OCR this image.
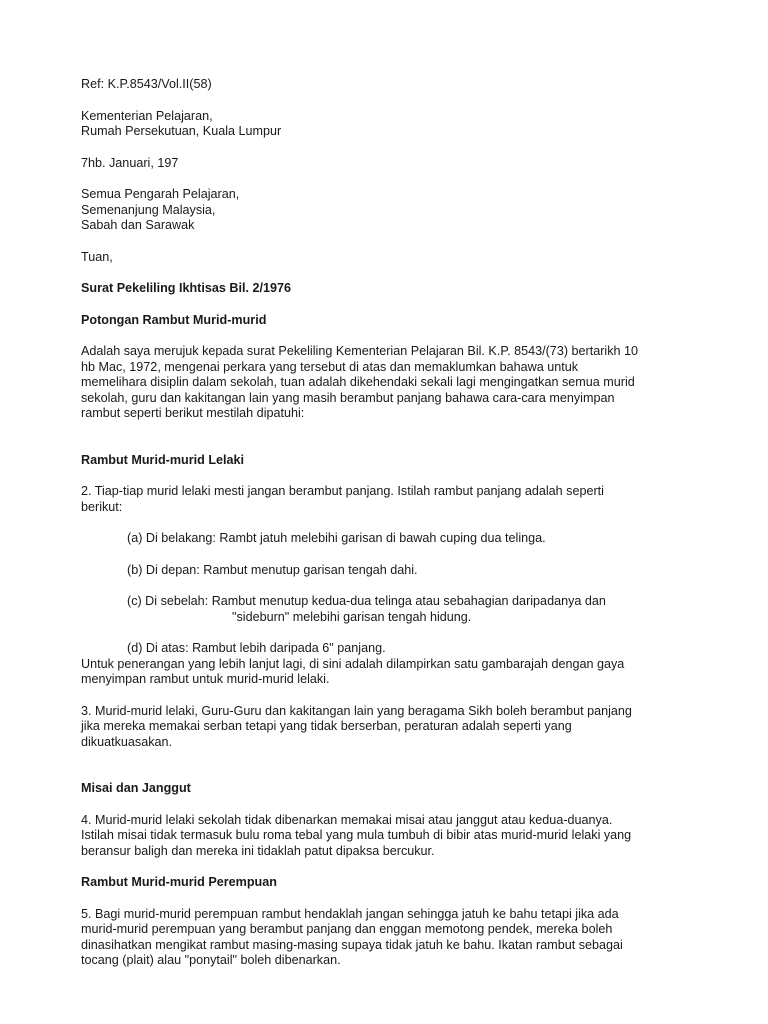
Ref: K.P.8543/Vol.II(58)
Kementerian Pelajaran,
Rumah Persekutuan, Kuala Lumpur
7hb. Januari, 197
Semua Pengarah Pelajaran,
Semenanjung Malaysia,
Sabah dan Sarawak
Tuan,
Surat Pekeliling Ikhtisas Bil. 2/1976
Potongan Rambut Murid-murid
Adalah saya merujuk kepada surat Pekeliling Kementerian Pelajaran Bil. K.P. 8543/(73) bertarikh 10
hb Mac, 1972, mengenai perkara yang tersebut di atas dan memaklumkan bahawa untuk
memelihara disiplin dalam sekolah, tuan adalah dikehendaki sekali lagi mengingatkan semua murid
sekolah, guru dan kakitangan lain yang masih berambut panjang bahawa cara-cara menyimpan
rambut seperti berikut mestilah dipatuhi:
Rambut Murid-murid Lelaki
2. Tiap-tiap murid lelaki mesti jangan berambut panjang. Istilah rambut panjang adalah seperti
berikut:
(a) Di belakang: Rambt jatuh melebihi garisan di bawah cuping dua telinga.
(b) Di depan: Rambut menutup garisan tengah dahi.
(c) Di sebelah: Rambut menutup kedua-dua telinga atau sebahagian daripadanya dan
"sideburn" melebihi garisan tengah hidung.
(d) Di atas: Rambut lebih daripada 6" panjang.
Untuk penerangan yang lebih lanjut lagi, di sini adalah dilampirkan satu gambarajah dengan gaya
menyimpan rambut untuk murid-murid lelaki.
3. Murid-murid lelaki, Guru-Guru dan kakitangan lain yang beragama Sikh boleh berambut panjang
jika mereka memakai serban tetapi yang tidak berserban, peraturan adalah seperti yang
dikuatkuasakan.
Misai dan Janggut
4. Murid-murid lelaki sekolah tidak dibenarkan memakai misai atau janggut atau kedua-duanya.
Istilah misai tidak termasuk bulu roma tebal yang mula tumbuh di bibir atas murid-murid lelaki yang
beransur baligh dan mereka ini tidaklah patut dipaksa bercukur.
Rambut Murid-murid Perempuan
5. Bagi murid-murid perempuan rambut hendaklah jangan sehingga jatuh ke bahu tetapi jika ada
murid-murid perempuan yang berambut panjang dan enggan memotong pendek, mereka boleh
dinasihatkan mengikat rambut masing-masing supaya tidak jatuh ke bahu. Ikatan rambut sebagai
tocang (plait) alau "ponytail" boleh dibenarkan.
